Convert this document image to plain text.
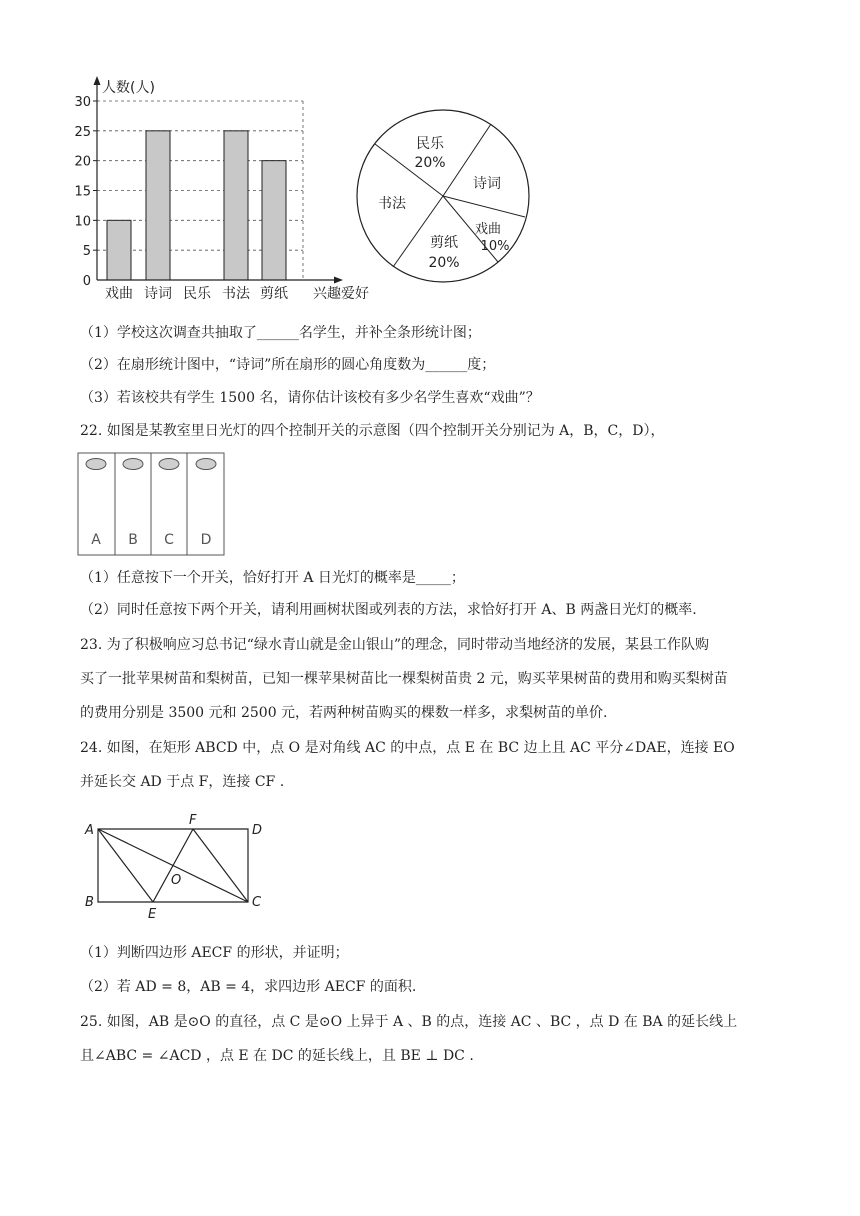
人数(人)
兴趣爱好
0
5
10
15
20
25
30
戏曲 诗词 民乐 书法 剪纸
民乐
20%
诗词
书法
戏曲
10%
剪纸
20%
（1）学校这次调查共抽取了______名学生，并补全条形统计图；
（2）在扇形统计图中，“诗词”所在扇形的圆心角度数为______度；
（3）若该校共有学生 1500 名，请你估计该校有多少名学生喜欢“戏曲”？
22. 如图是某教室里日光灯的四个控制开关的示意图（四个控制开关分别记为 A，B，C，D），
A B C D
（1）任意按下一个开关，恰好打开 A 日光灯的概率是_____；
（2）同时任意按下两个开关，请利用画树状图或列表的方法，求恰好打开 A、B 两盏日光灯的概率.
23. 为了积极响应习总书记“绿水青山就是金山银山”的理念，同时带动当地经济的发展，某县工作队购
买了一批苹果树苗和梨树苗，已知一棵苹果树苗比一棵梨树苗贵 2 元，购买苹果树苗的费用和购买梨树苗
的费用分别是 3500 元和 2500 元，若两种树苗购买的棵数一样多，求梨树苗的单价.
24. 如图，在矩形 ABCD 中，点 O 是对角线 AC 的中点，点 E 在 BC 边上且 AC 平分∠DAE，连接 EO
并延长交 AD 于点 F，连接 CF .
A
F
D
O
B
E
C
（1）判断四边形 AECF 的形状，并证明；
（2）若 AD = 8，AB = 4，求四边形 AECF 的面积.
25. 如图，AB 是⊙O 的直径，点 C 是⊙O 上异于 A 、B 的点，连接 AC 、BC ，点 D 在 BA 的延长线上
且∠ABC = ∠ACD ，点 E 在 DC 的延长线上，且 BE ⊥ DC .
